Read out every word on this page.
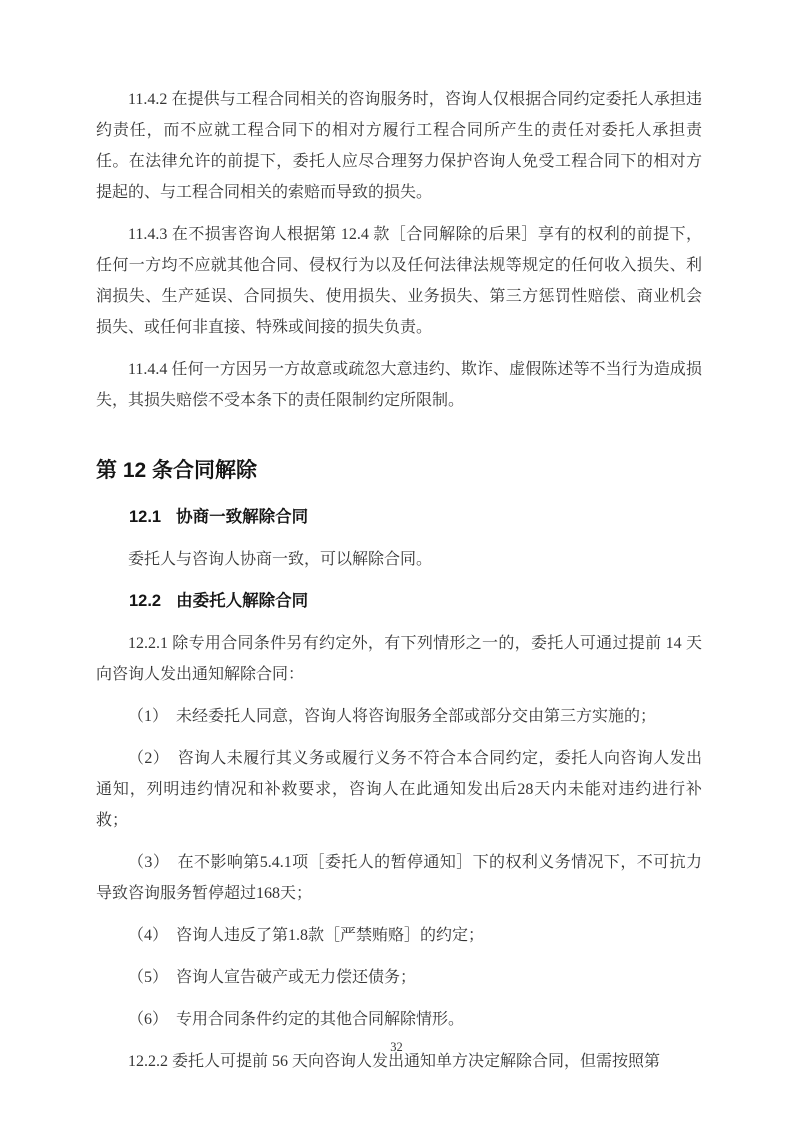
11.4.2 在提供与工程合同相关的咨询服务时，咨询人仅根据合同约定委托人承担违约责任，而不应就工程合同下的相对方履行工程合同所产生的责任对委托人承担责任。在法律允许的前提下，委托人应尽合理努力保护咨询人免受工程合同下的相对方提起的、与工程合同相关的索赔而导致的损失。

11.4.3 在不损害咨询人根据第 12.4 款［合同解除的后果］享有的权利的前提下，任何一方均不应就其他合同、侵权行为以及任何法律法规等规定的任何收入损失、利润损失、生产延误、合同损失、使用损失、业务损失、第三方惩罚性赔偿、商业机会损失、或任何非直接、特殊或间接的损失负责。

11.4.4 任何一方因另一方故意或疏忽大意违约、欺诈、虚假陈述等不当行为造成损失，其损失赔偿不受本条下的责任限制约定所限制。

第 12 条合同解除
12.1 协商一致解除合同

委托人与咨询人协商一致，可以解除合同。

12.2 由委托人解除合同

12.2.1 除专用合同条件另有约定外，有下列情形之一的，委托人可通过提前 14 天向咨询人发出通知解除合同：

（1）　未经委托人同意，咨询人将咨询服务全部或部分交由第三方实施的；

（2）　咨询人未履行其义务或履行义务不符合本合同约定，委托人向咨询人发出通知，列明违约情况和补救要求，咨询人在此通知发出后28天内未能对违约进行补救；

（3）　在不影响第5.4.1项［委托人的暂停通知］下的权利义务情况下，不可抗力导致咨询服务暂停超过168天；

（4）　咨询人违反了第1.8款［严禁贿赂］的约定；

（5）　咨询人宣告破产或无力偿还债务；

（6）　专用合同条件约定的其他合同解除情形。

12.2.2 委托人可提前 56 天向咨询人发出通知单方决定解除合同，但需按照第

32
